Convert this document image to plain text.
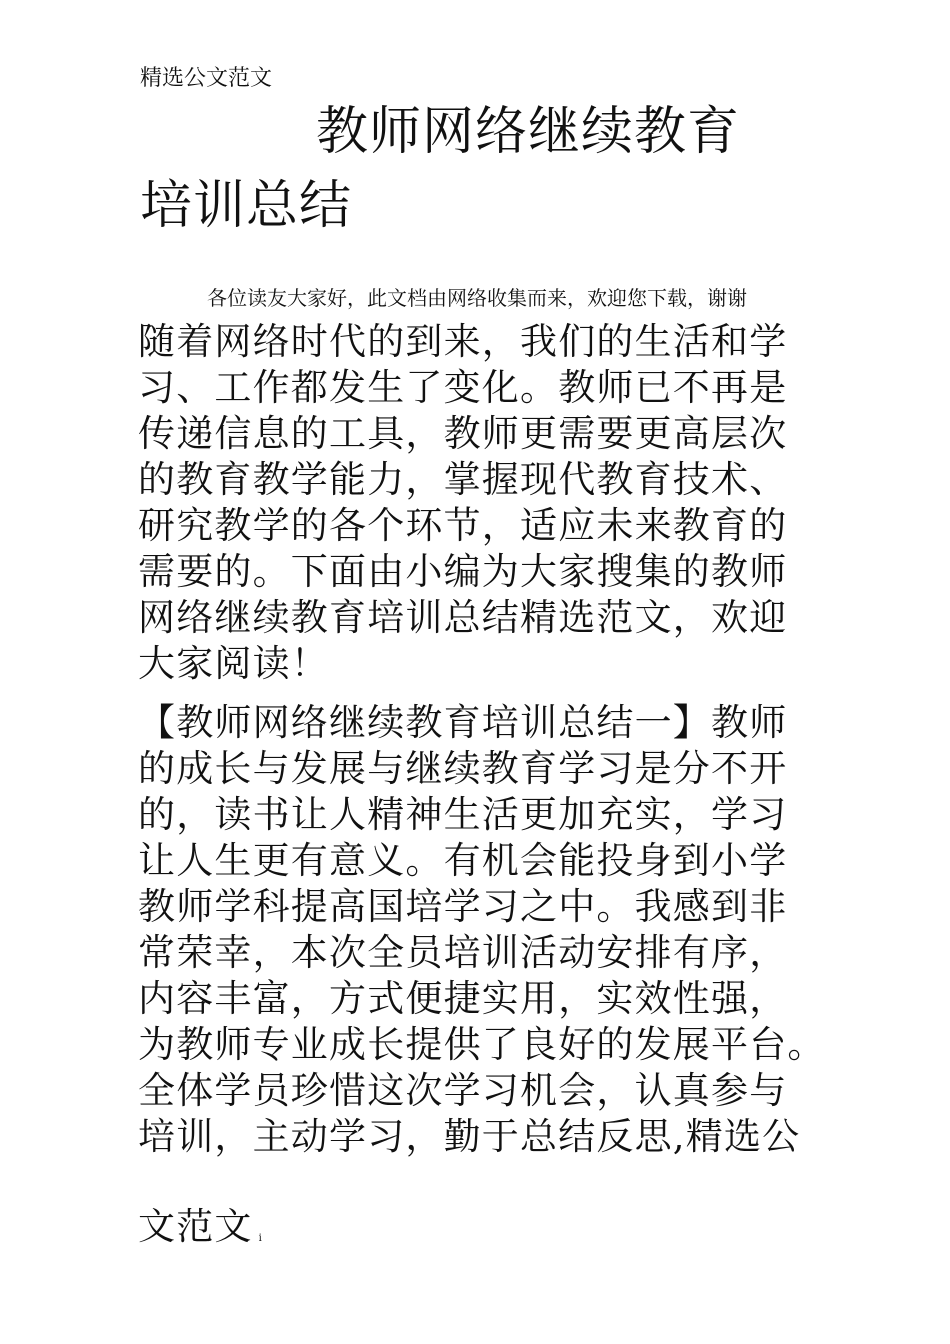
精选公文范文
教师网络继续教育
培训总结
各位读友大家好，此文档由网络收集而来，欢迎您下载，谢谢
随着网络时代的到来，我们的生活和学
习、工作都发生了变化。教师已不再是
传递信息的工具，教师更需要更高层次
的教育教学能力，掌握现代教育技术、
研究教学的各个环节，适应未来教育的
需要的。下面由小编为大家搜集的教师
网络继续教育培训总结精选范文，欢迎
大家阅读！
【教师网络继续教育培训总结一】教师
的成长与发展与继续教育学习是分不开
的，读书让人精神生活更加充实，学习
让人生更有意义。有机会能投身到小学
教师学科提高国培学习之中。我感到非
常荣幸，本次全员培训活动安排有序，
内容丰富，方式便捷实用，实效性强，
为教师专业成长提供了良好的发展平台。
全体学员珍惜这次学习机会，认真参与
培训，主动学习，勤于总结反思,精选公
文范文 i
